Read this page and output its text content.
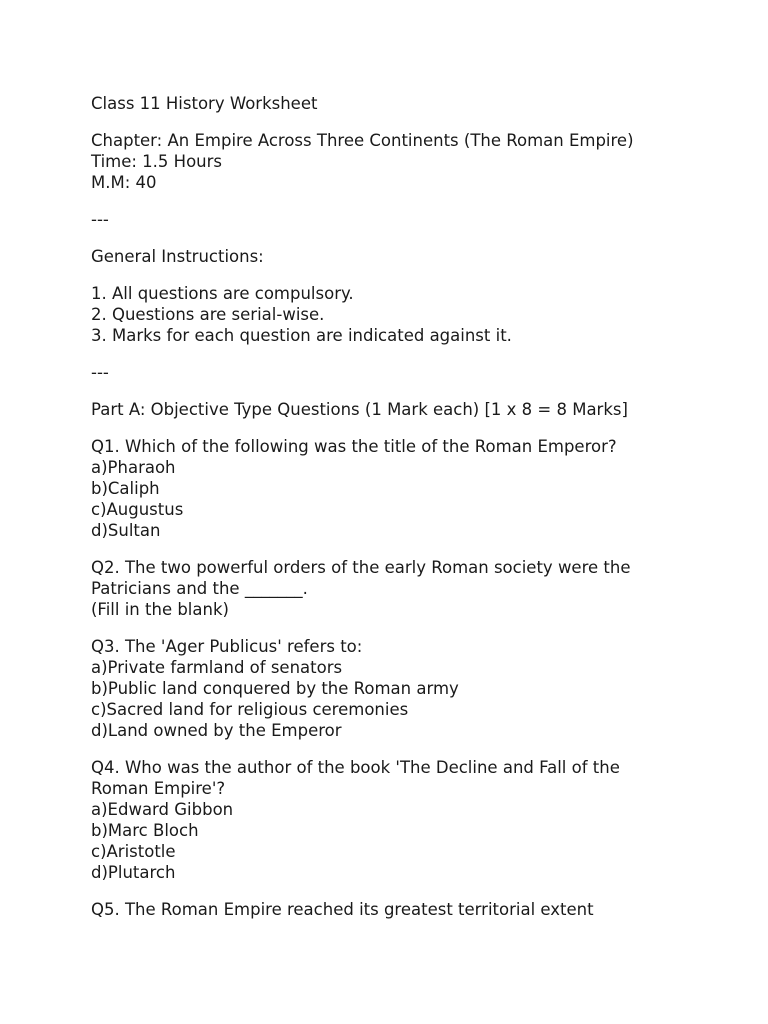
Class 11 History Worksheet
Chapter: An Empire Across Three Continents (The Roman Empire)
Time: 1.5 Hours
M.M: 40
---
General Instructions:
1. All questions are compulsory.
2. Questions are serial-wise.
3. Marks for each question are indicated against it.
---
Part A: Objective Type Questions (1 Mark each) [1 x 8 = 8 Marks]
Q1. Which of the following was the title of the Roman Emperor?
a)Pharaoh
b)Caliph
c)Augustus
d)Sultan
Q2. The two powerful orders of the early Roman society were the
Patricians and the _______.
(Fill in the blank)
Q3. The 'Ager Publicus' refers to:
a)Private farmland of senators
b)Public land conquered by the Roman army
c)Sacred land for religious ceremonies
d)Land owned by the Emperor
Q4. Who was the author of the book 'The Decline and Fall of the
Roman Empire'?
a)Edward Gibbon
b)Marc Bloch
c)Aristotle
d)Plutarch
Q5. The Roman Empire reached its greatest territorial extent
